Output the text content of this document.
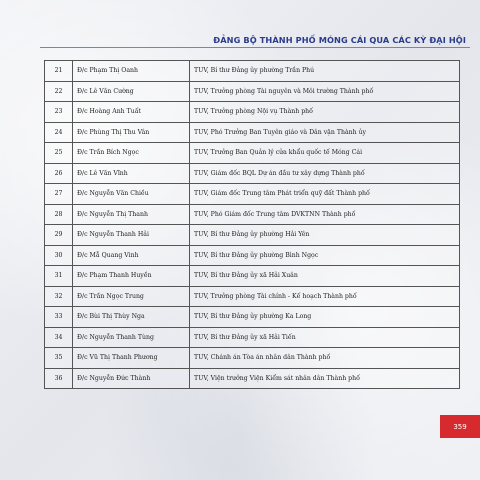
ĐẢNG BỘ THÀNH PHỐ MÓNG CÁI QUA CÁC KỲ ĐẠI HỘI
21	Đ/c Phạm Thị Oanh	TUV, Bí thư Đảng ủy phường Trần Phú
22	Đ/c Lê Văn Cường	TUV, Trưởng phòng Tài nguyên và Môi trường Thành phố
23	Đ/c Hoàng Anh Tuất	TUV, Trưởng phòng Nội vụ Thành phố
24	Đ/c Phùng Thị Thu Vân	TUV, Phó Trưởng Ban Tuyên giáo và Dân vận Thành ủy
25	Đ/c Trần Bích Ngọc	TUV, Trưởng Ban Quản lý cửa khẩu quốc tế Móng Cái
26	Đ/c Lê Văn Vĩnh	TUV, Giám đốc BQL Dự án đầu tư xây dựng Thành phố
27	Đ/c Nguyễn Văn Chiều	TUV, Giám đốc Trung tâm Phát triển quỹ đất Thành phố
28	Đ/c Nguyễn Thị Thanh	TUV, Phó Giám đốc Trung tâm DVKTNN Thành phố
29	Đ/c Nguyễn Thanh Hải	TUV, Bí thư Đảng ủy phường Hải Yên
30	Đ/c Mẫ Quang Vinh	TUV, Bí thư Đảng ủy phường Bình Ngọc
31	Đ/c Phạm Thanh Huyền	TUV, Bí thư Đảng ủy xã Hải Xuân
32	Đ/c Trần Ngọc Trung	TUV, Trưởng phòng Tài chính - Kế hoạch Thành phố
33	Đ/c Bùi Thị Thùy Nga	TUV, Bí thư Đảng ủy phường Ka Long
34	Đ/c Nguyễn Thanh Tùng	TUV, Bí thư Đảng ủy xã Hải Tiến
35	Đ/c Vũ Thị Thanh Phương	TUV, Chánh án Tòa án nhân dân Thành phố
36	Đ/c Nguyễn Đức Thành	TUV, Viện trưởng Viện Kiểm sát nhân dân Thành phố
359
